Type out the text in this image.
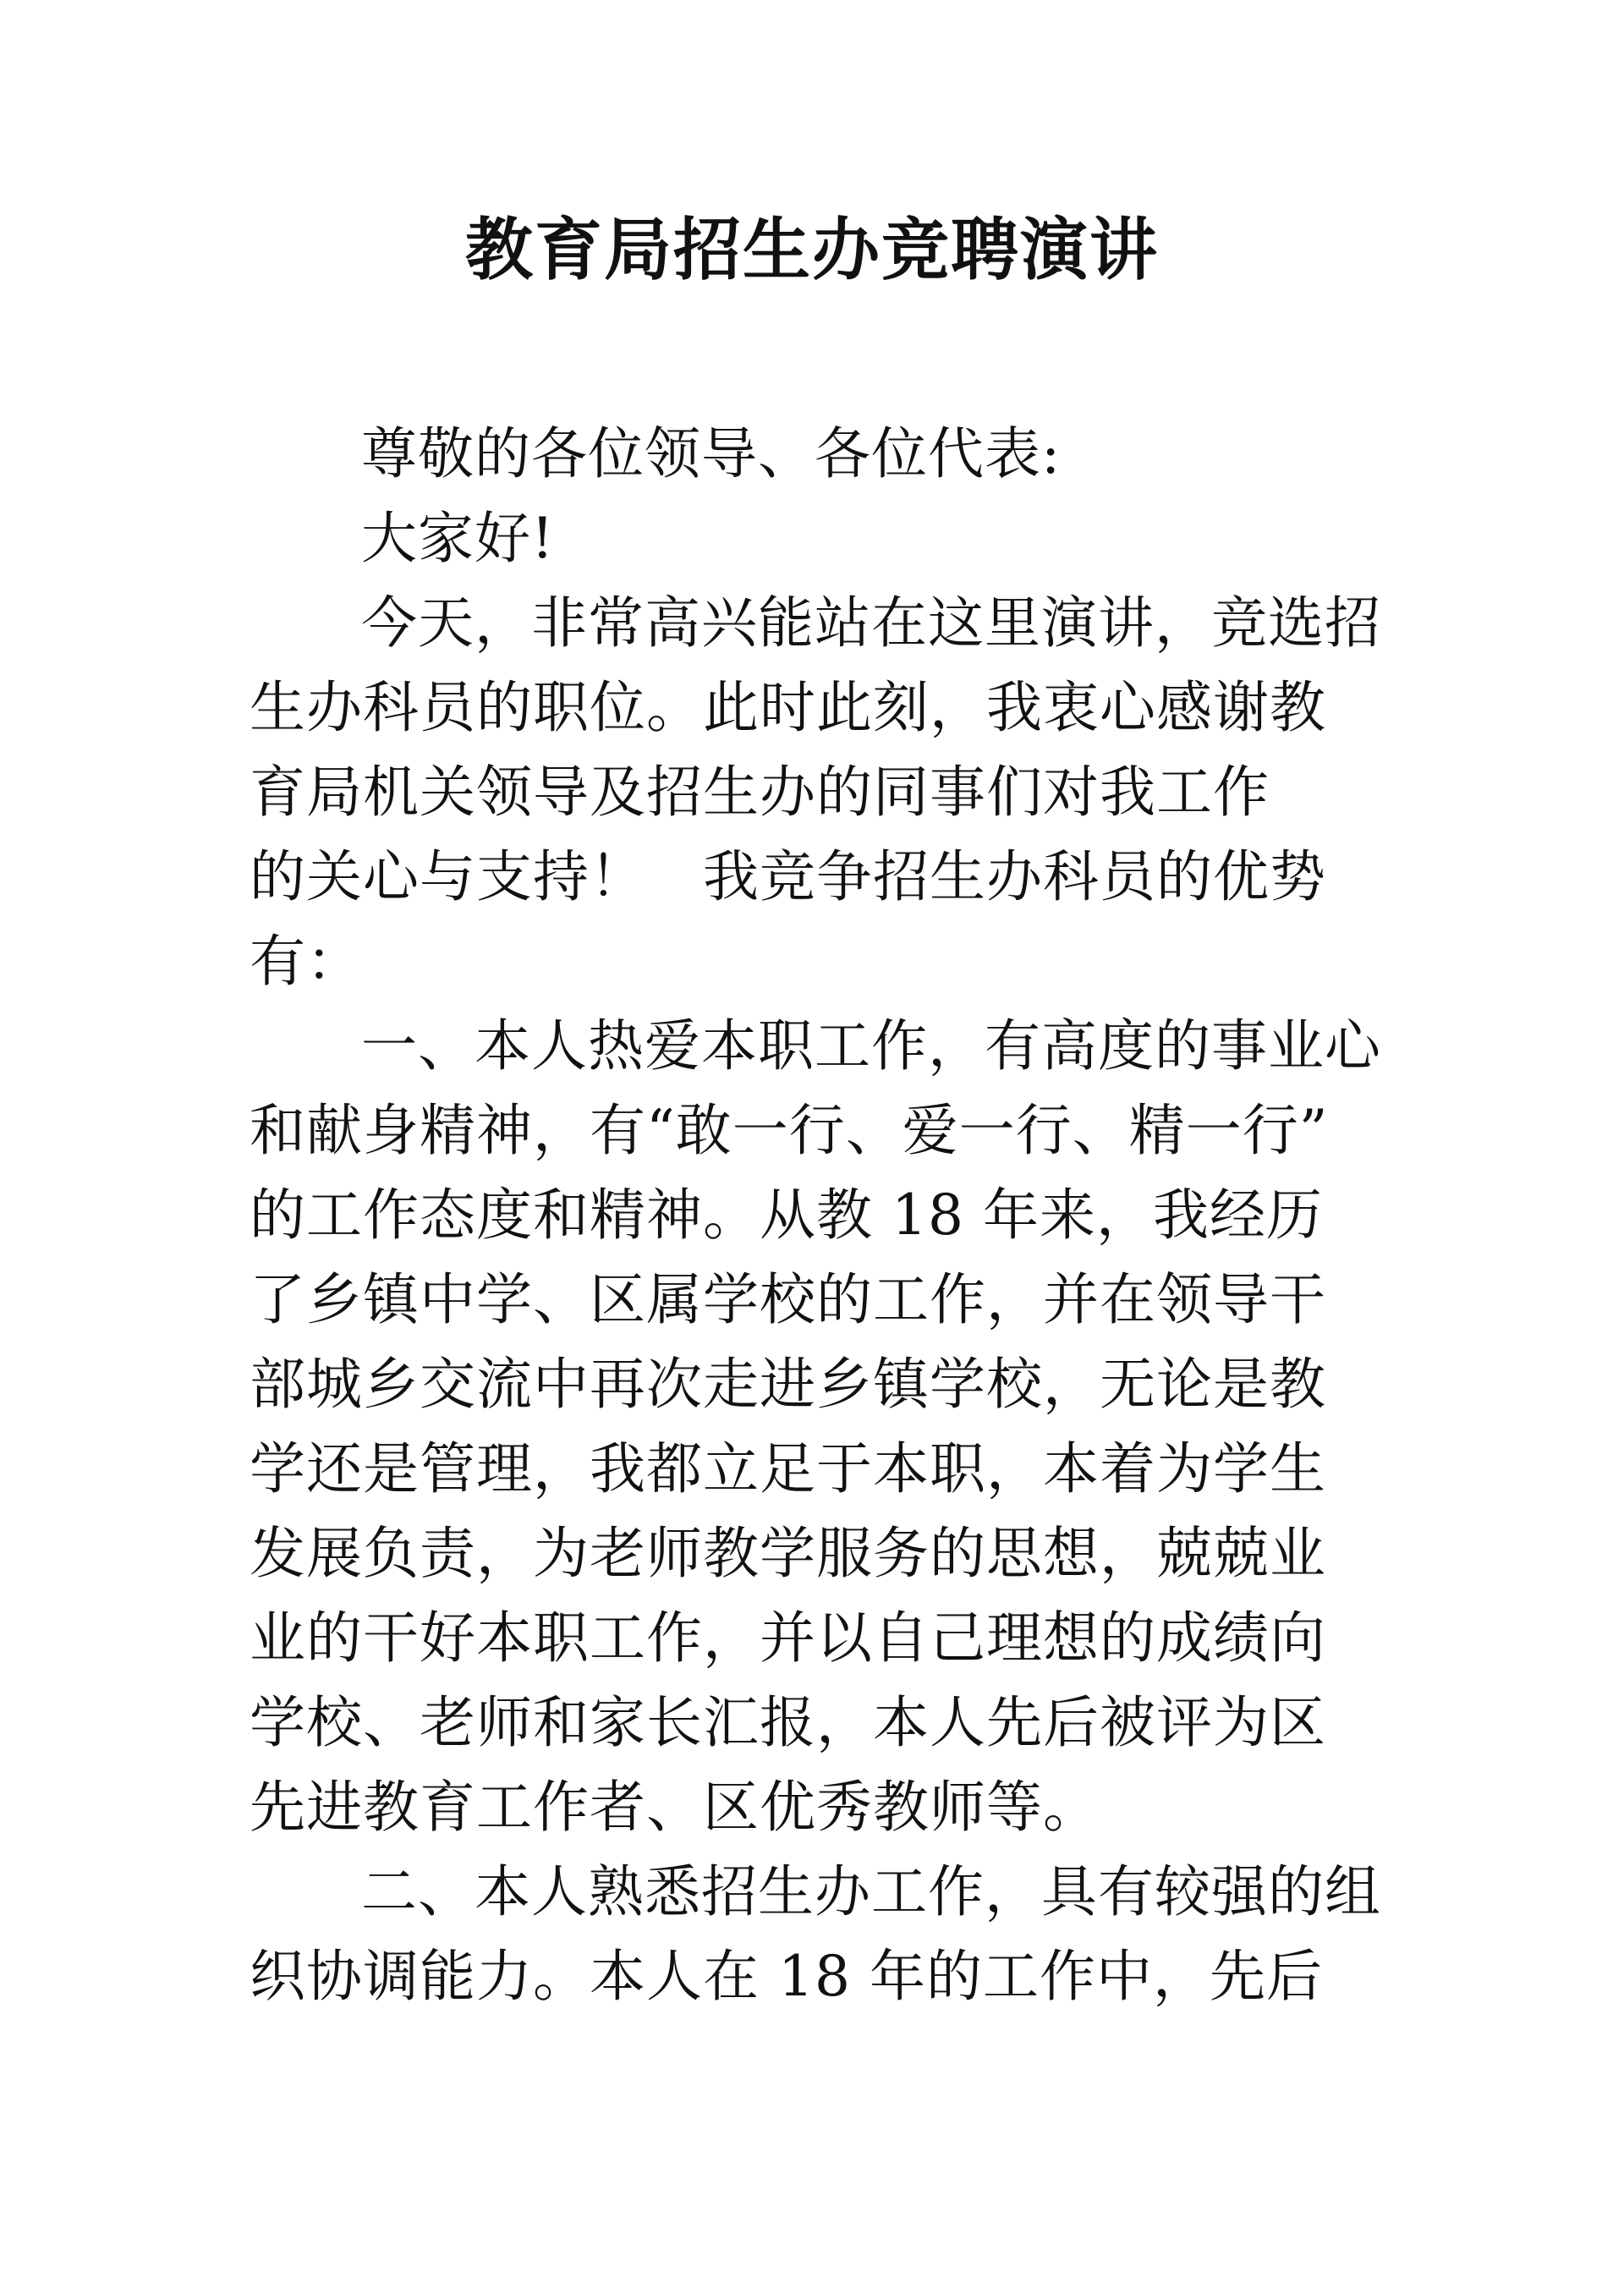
教育局招生办竞聘演讲
尊敬的各位领导、各位代表:
大家好!
今天，非常高兴能站在这里演讲，竞选招
生办科员的职位。此时此刻，我衷心感谢教
育局机关领导及招生办的同事们对我工作
的关心与支持！　我竞争招生办科员的优势
有：
一、本人热爱本职工作，有高度的事业心
和献身精神，有“敢一行、爱一行、精一行”
的工作态度和精神。从教 18 年来，我经历
了乡镇中学、区属学校的工作，并在领导干
部城乡交流中再次走进乡镇学校，无论是教
学还是管理，我都立足于本职，本着为学生
发展负责，为老师教学服务的思想，兢兢业
业的干好本职工作，并以自己理想的成绩向
学校、老师和家长汇报，本人先后被评为区
先进教育工作者、区优秀教师等。
二、本人熟悉招生办工作，具有较强的组
织协调能力。本人在 18 年的工作中，先后
